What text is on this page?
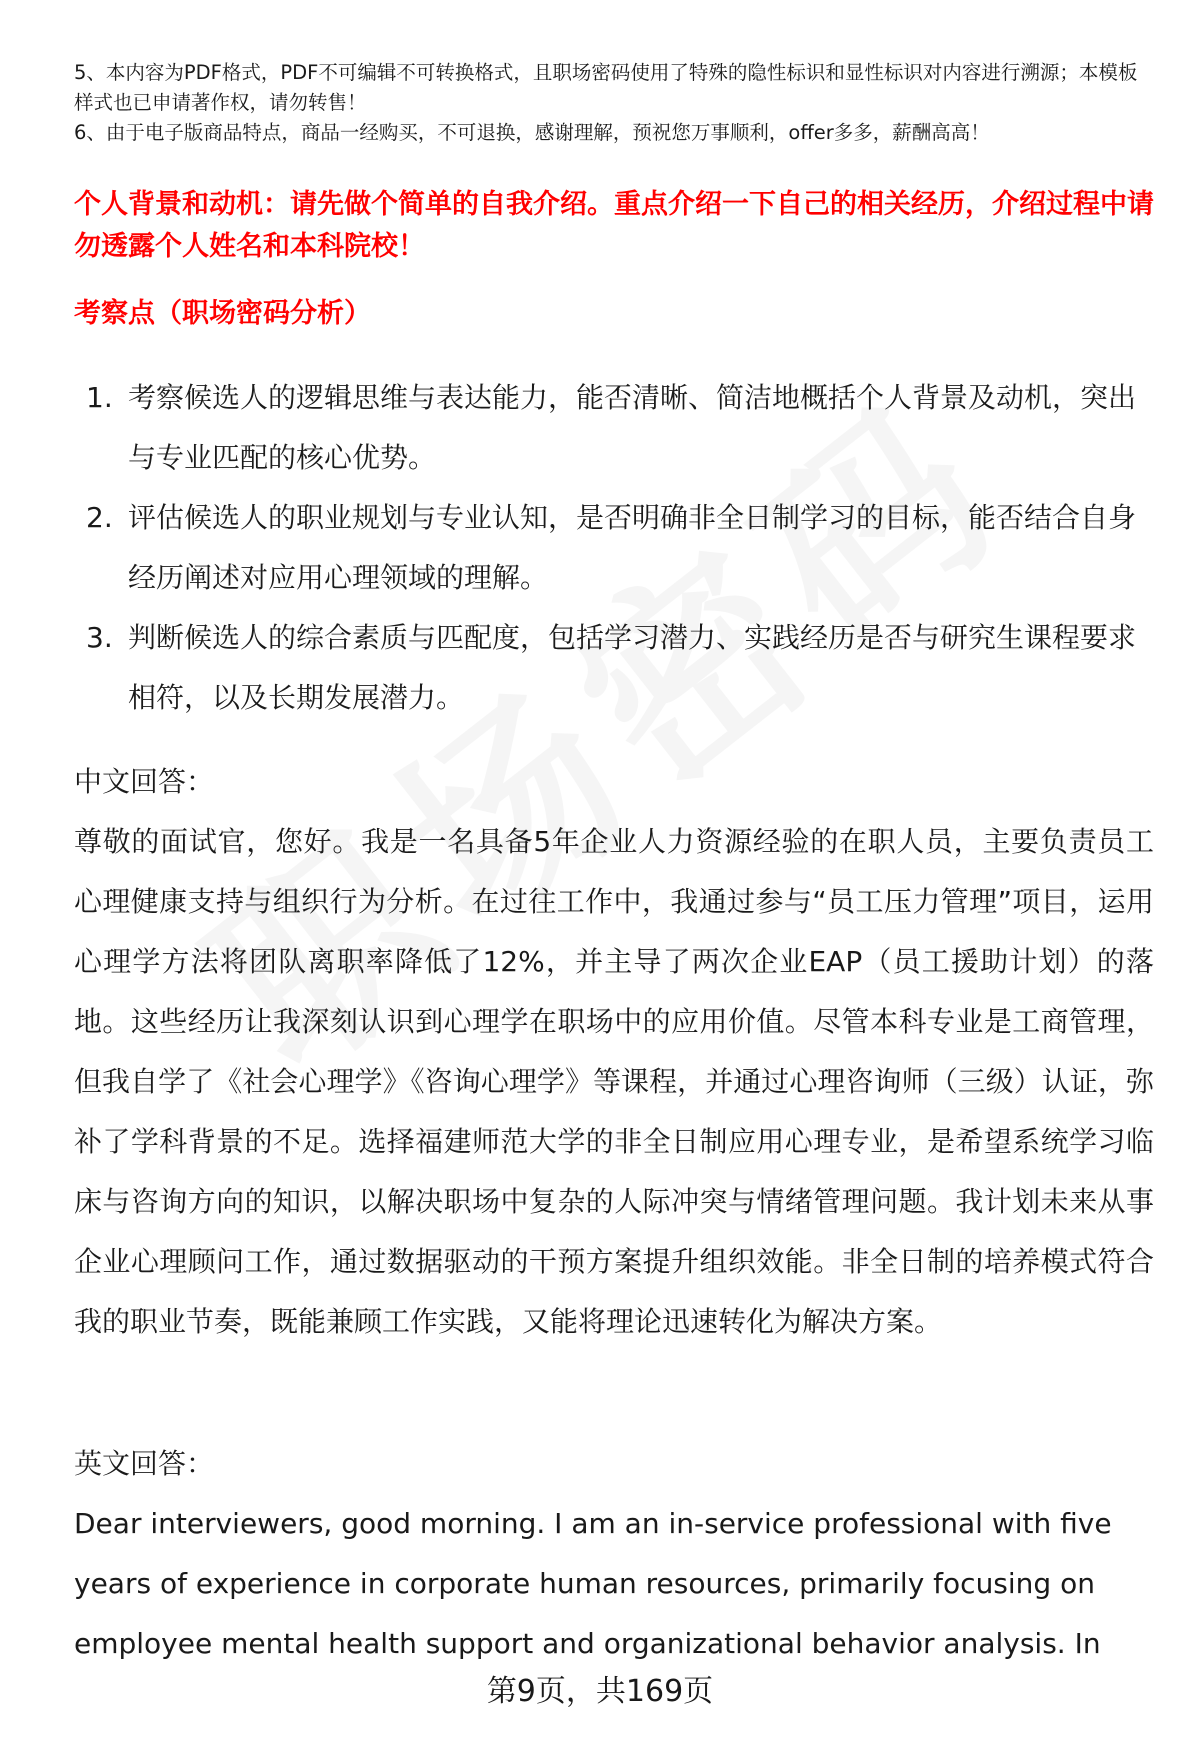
5、本内容为PDF格式，PDF不可编辑不可转换格式，且职场密码使用了特殊的隐性标识和显性标识对内容进行溯源；本模板样式也已申请著作权，请勿转售！
6、由于电子版商品特点，商品一经购买，不可退换，感谢理解，预祝您万事顺利，offer多多，薪酬高高！
个人背景和动机：请先做个简单的自我介绍。重点介绍一下自己的相关经历，介绍过程中请勿透露个人姓名和本科院校！
考察点（职场密码分析）
1. 考察候选人的逻辑思维与表达能力，能否清晰、简洁地概括个人背景及动机，突出与专业匹配的核心优势。
2. 评估候选人的职业规划与专业认知，是否明确非全日制学习的目标，能否结合自身经历阐述对应用心理领域的理解。
3. 判断候选人的综合素质与匹配度，包括学习潜力、实践经历是否与研究生课程要求相符，以及长期发展潜力。
中文回答：
尊敬的面试官，您好。我是一名具备5年企业人力资源经验的在职人员，主要负责员工心理健康支持与组织行为分析。在过往工作中，我通过参与“员工压力管理”项目，运用心理学方法将团队离职率降低了12%，并主导了两次企业EAP（员工援助计划）的落地。这些经历让我深刻认识到心理学在职场中的应用价值。尽管本科专业是工商管理，但我自学了《社会心理学》《咨询心理学》等课程，并通过心理咨询师（三级）认证，弥补了学科背景的不足。选择福建师范大学的非全日制应用心理专业，是希望系统学习临床与咨询方向的知识，以解决职场中复杂的人际冲突与情绪管理问题。我计划未来从事企业心理顾问工作，通过数据驱动的干预方案提升组织效能。非全日制的培养模式符合我的职业节奏，既能兼顾工作实践，又能将理论迅速转化为解决方案。
英文回答：
Dear interviewers, good morning. I am an in-service professional with five years of experience in corporate human resources, primarily focusing on employee mental health support and organizational behavior analysis. In
第9页，共169页
